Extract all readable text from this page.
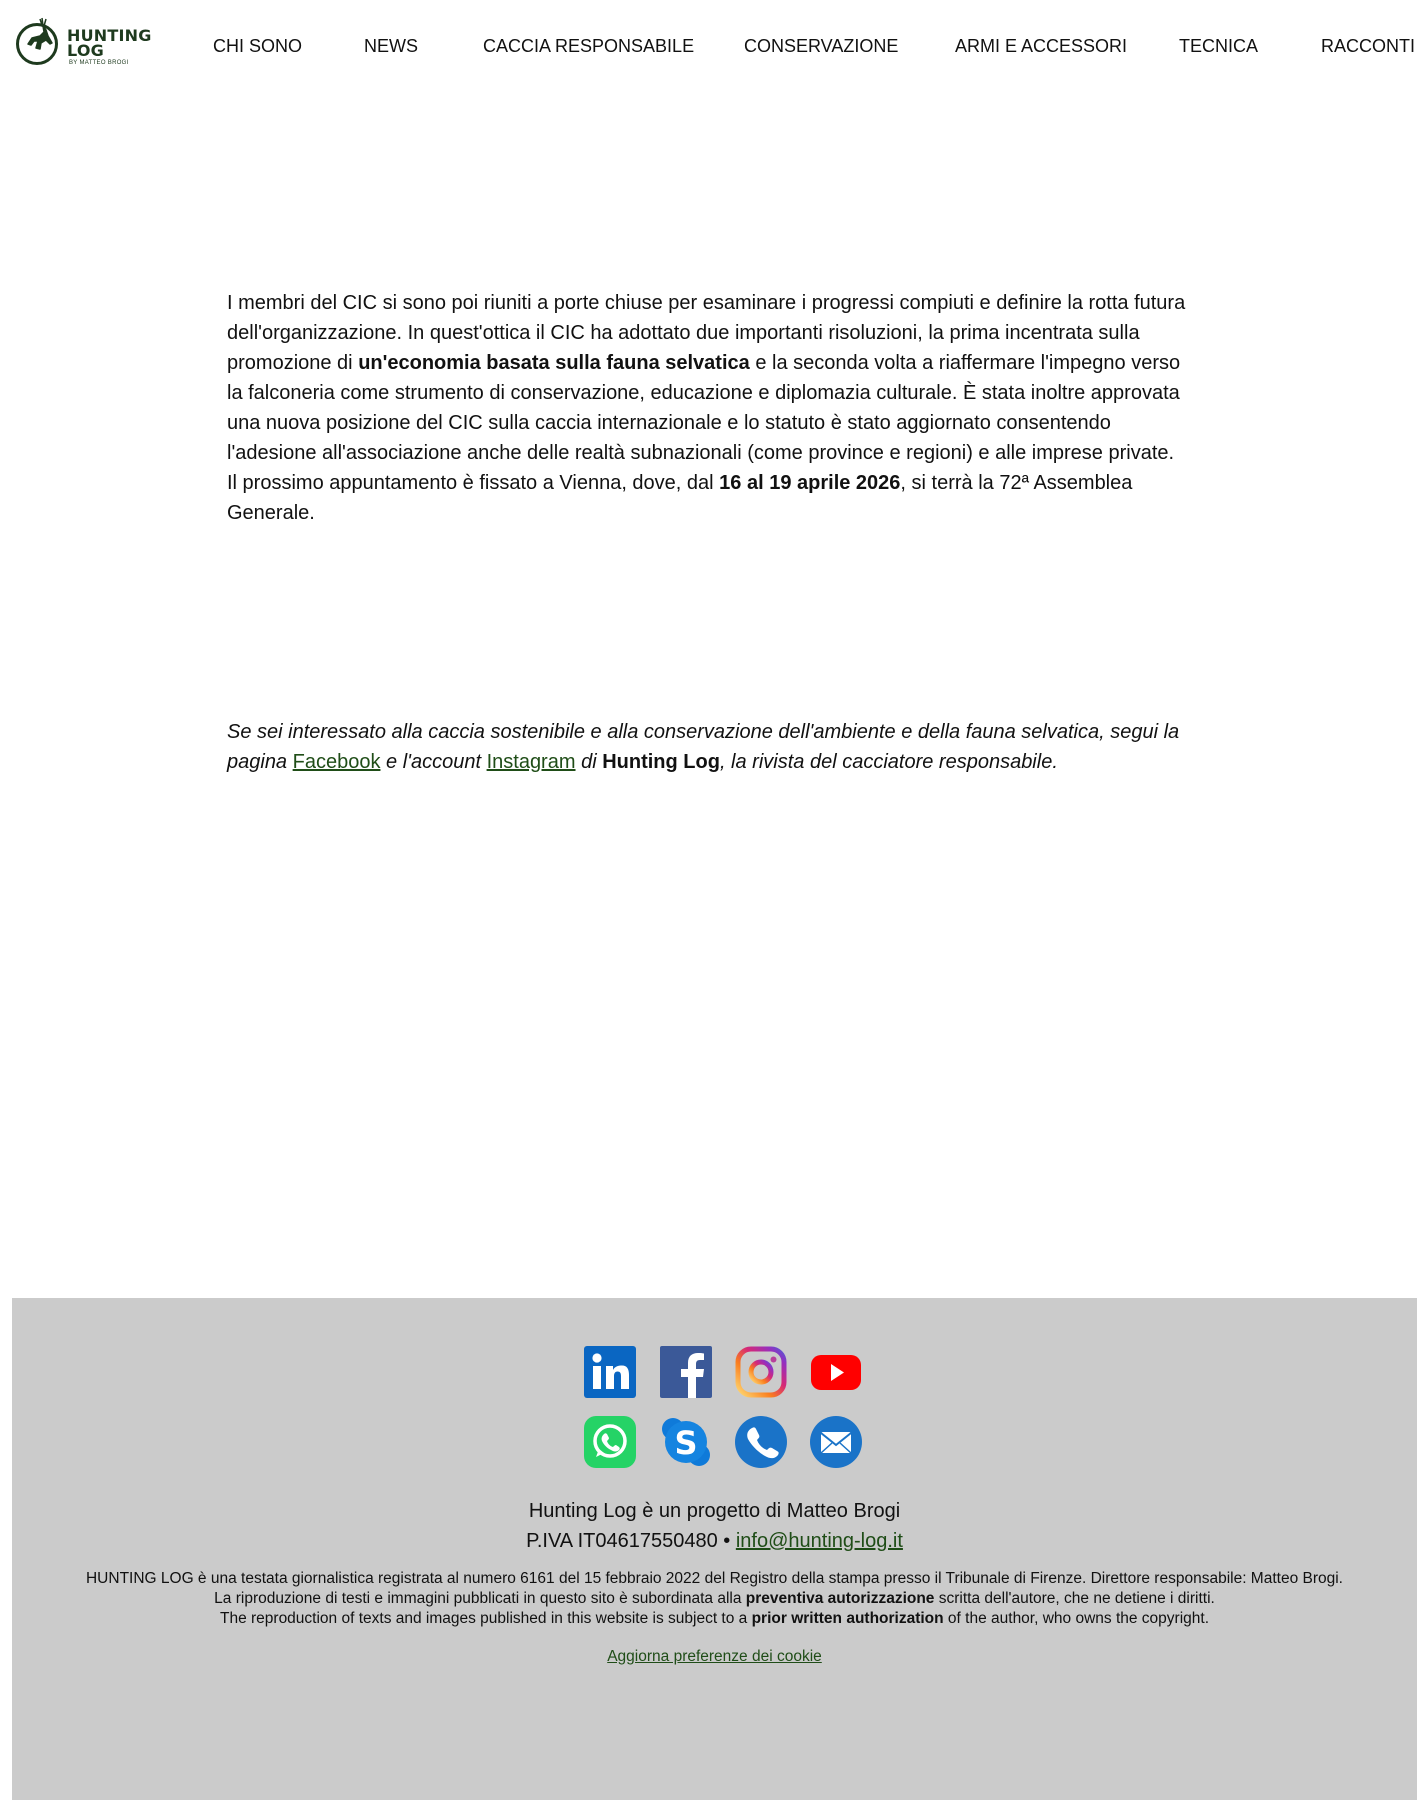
HUNTING
LOG
BY MATTEO BROGI
CHI SONO	NEWS	CACCIA RESPONSABILE	CONSERVAZIONE	ARMI E ACCESSORI	TECNICA	RACCONTI

I membri del CIC si sono poi riuniti a porte chiuse per esaminare i progressi compiuti e definire la rotta futura dell'organizzazione. In quest'ottica il CIC ha adottato due importanti risoluzioni, la prima incentrata sulla promozione di un'economia basata sulla fauna selvatica e la seconda volta a riaffermare l'impegno verso la falconeria come strumento di conservazione, educazione e diplomazia culturale. È stata inoltre approvata una nuova posizione del CIC sulla caccia internazionale e lo statuto è stato aggiornato consentendo l'adesione all'associazione anche delle realtà subnazionali (come province e regioni) e alle imprese private. Il prossimo appuntamento è fissato a Vienna, dove, dal 16 al 19 aprile 2026, si terrà la 72ª Assemblea Generale.

Se sei interessato alla caccia sostenibile e alla conservazione dell'ambiente e della fauna selvatica, segui la pagina Facebook e l'account Instagram di Hunting Log, la rivista del cacciatore responsabile.

S
Hunting Log è un progetto di Matteo Brogi
P.IVA IT04617550480 • info@hunting-log.it
HUNTING LOG è una testata giornalistica registrata al numero 6161 del 15 febbraio 2022 del Registro della stampa presso il Tribunale di Firenze. Direttore responsabile: Matteo Brogi.
La riproduzione di testi e immagini pubblicati in questo sito è subordinata alla preventiva autorizzazione scritta dell'autore, che ne detiene i diritti.
The reproduction of texts and images published in this website is subject to a prior written authorization of the author, who owns the copyright.
Aggiorna preferenze dei cookie
